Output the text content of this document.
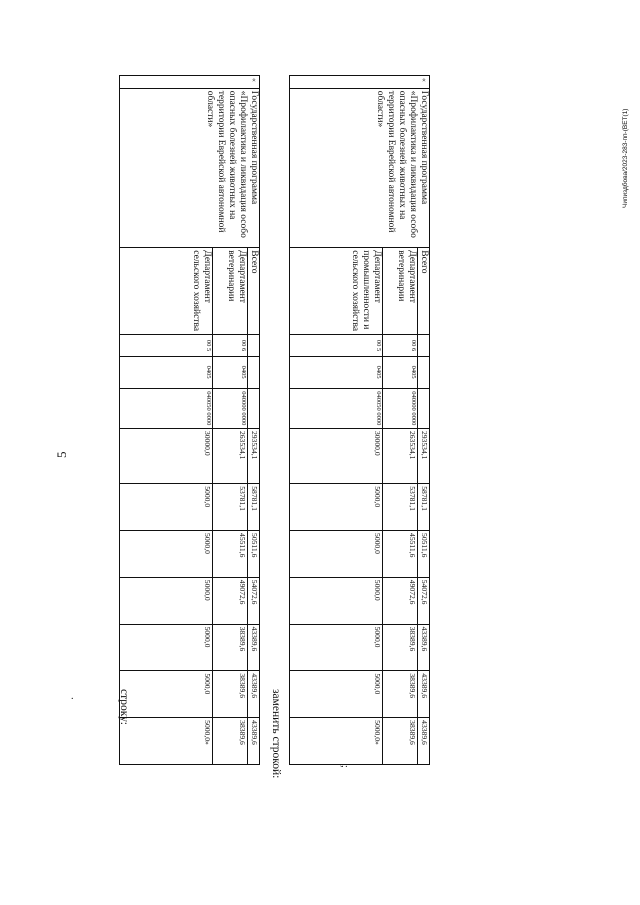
5
.
Чипиздбова/2023-283-пп-(ВЕТ(1)
строку:
«	Государственная программа «Профилактика и ликвидация особо опасных болезней животных на территории Еврейской автономной области»	Всего				293534,1	58781,1	50511,6	54072,6	43389,6	43389,6	43389,6
		Департамент ветеринарии	00 6	0405	040000 0000	263534,1	53781,1	45511,6	49072,6	38389,6	38389,6	38389,6
		Департамент сельского хозяйства	00 5	0405	040050 0000	30000,0	5000,0	5000,0	5000,0	5000,0	5000,0	5000,0»	заменить строкой:
«	Государственная программа «Профилактика и ликвидация особо опасных болезней животных на территории Еврейской автономной области»	Всего				293534,1	58781,1	50511,6	54072,6	43389,6	43389,6	43389,6
		Департамент ветеринарии	00 6	0405	040000 0000	263534,1	53781,1	45511,6	49072,6	38389,6	38389,6	38389,6
		Департамент промышленности и сельского хозяйства	00 5	0405	040050 0000	30000,0	5000,0	5000,0	5000,0	5000,0	5000,0	5000,0»
;
